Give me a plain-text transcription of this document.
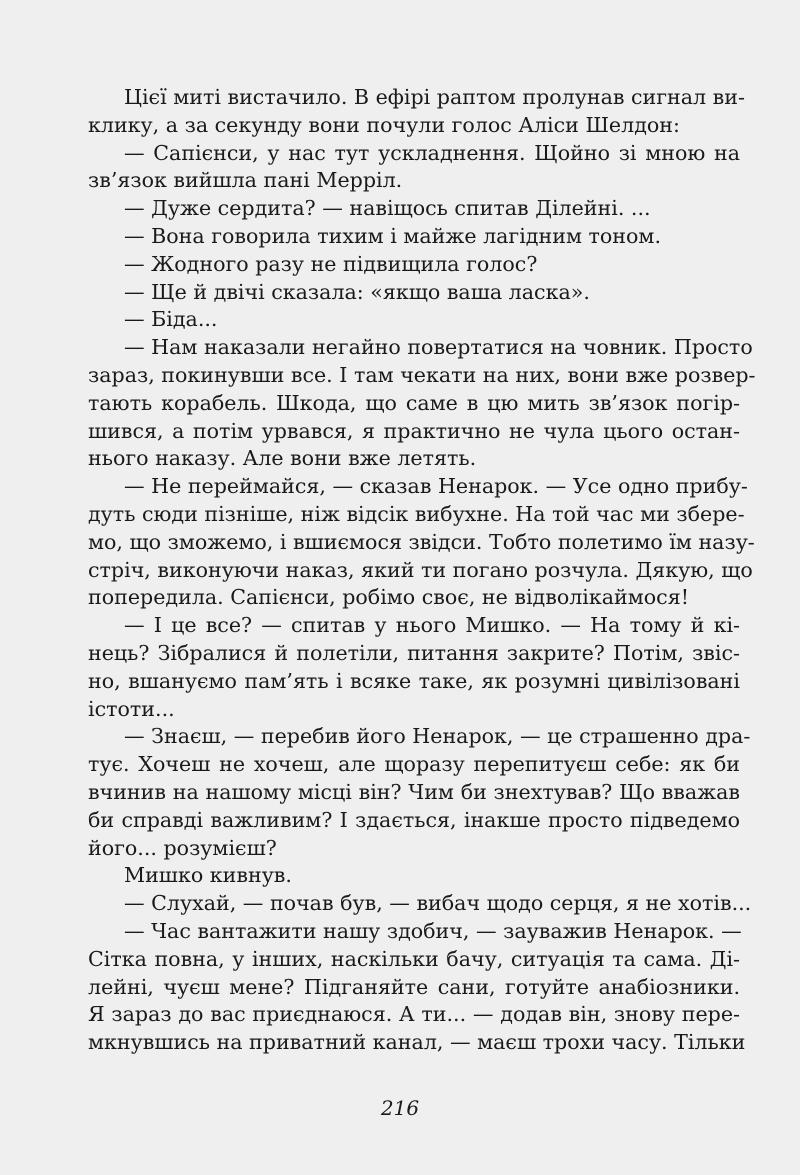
Цієї миті вистачило. В ефірі раптом пролунав сигнал ви-
клику, а за секунду вони почули голос Аліси Шелдон:
— Сапієнси, у нас тут ускладнення. Щойно зі мною на
зв’язок вийшла пані Мерріл.
— Дуже сердита? — навіщось спитав Ділейні. ...
— Вона говорила тихим і майже лагідним тоном.
— Жодного разу не підвищила голос?
— Ще й двічі сказала: «якщо ваша ласка».
— Біда...
— Нам наказали негайно повертатися на човник. Просто
зараз, покинувши все. І там чекати на них, вони вже розвер-
тають корабель. Шкода, що саме в цю мить зв’язок погір-
шився, а потім урвався, я практично не чула цього остан-
нього наказу. Але вони вже летять.
— Не переймайся, — сказав Ненарок. — Усе одно прибу-
дуть сюди пізніше, ніж відсік вибухне. На той час ми збере-
мо, що зможемо, і вшиємося звідси. Тобто полетимо їм назу-
стріч, виконуючи наказ, який ти погано розчула. Дякую, що
попередила. Сапієнси, робімо своє, не відволікаймося!
— І це все? — спитав у нього Мишко. — На тому й кі-
нець? Зібралися й полетіли, питання закрите? Потім, звіс-
но, вшануємо пам’ять і всяке таке, як розумні цивілізовані
істоти...
— Знаєш, — перебив його Ненарок, — це страшенно дра-
тує. Хочеш не хочеш, але щоразу перепитуєш себе: як би
вчинив на нашому місці він? Чим би знехтував? Що вважав
би справді важливим? І здається, інакше просто підведемо
його... розумієш?
Мишко кивнув.
— Слухай, — почав був, — вибач щодо серця, я не хотів...
— Час вантажити нашу здобич, — зауважив Ненарок. —
Сітка повна, у інших, наскільки бачу, ситуація та сама. Ді-
лейні, чуєш мене? Підганяйте сани, готуйте анабіозники.
Я зараз до вас приєднаюся. А ти... — додав він, знову пере-
мкнувшись на приватний канал, — маєш трохи часу. Тільки
216
